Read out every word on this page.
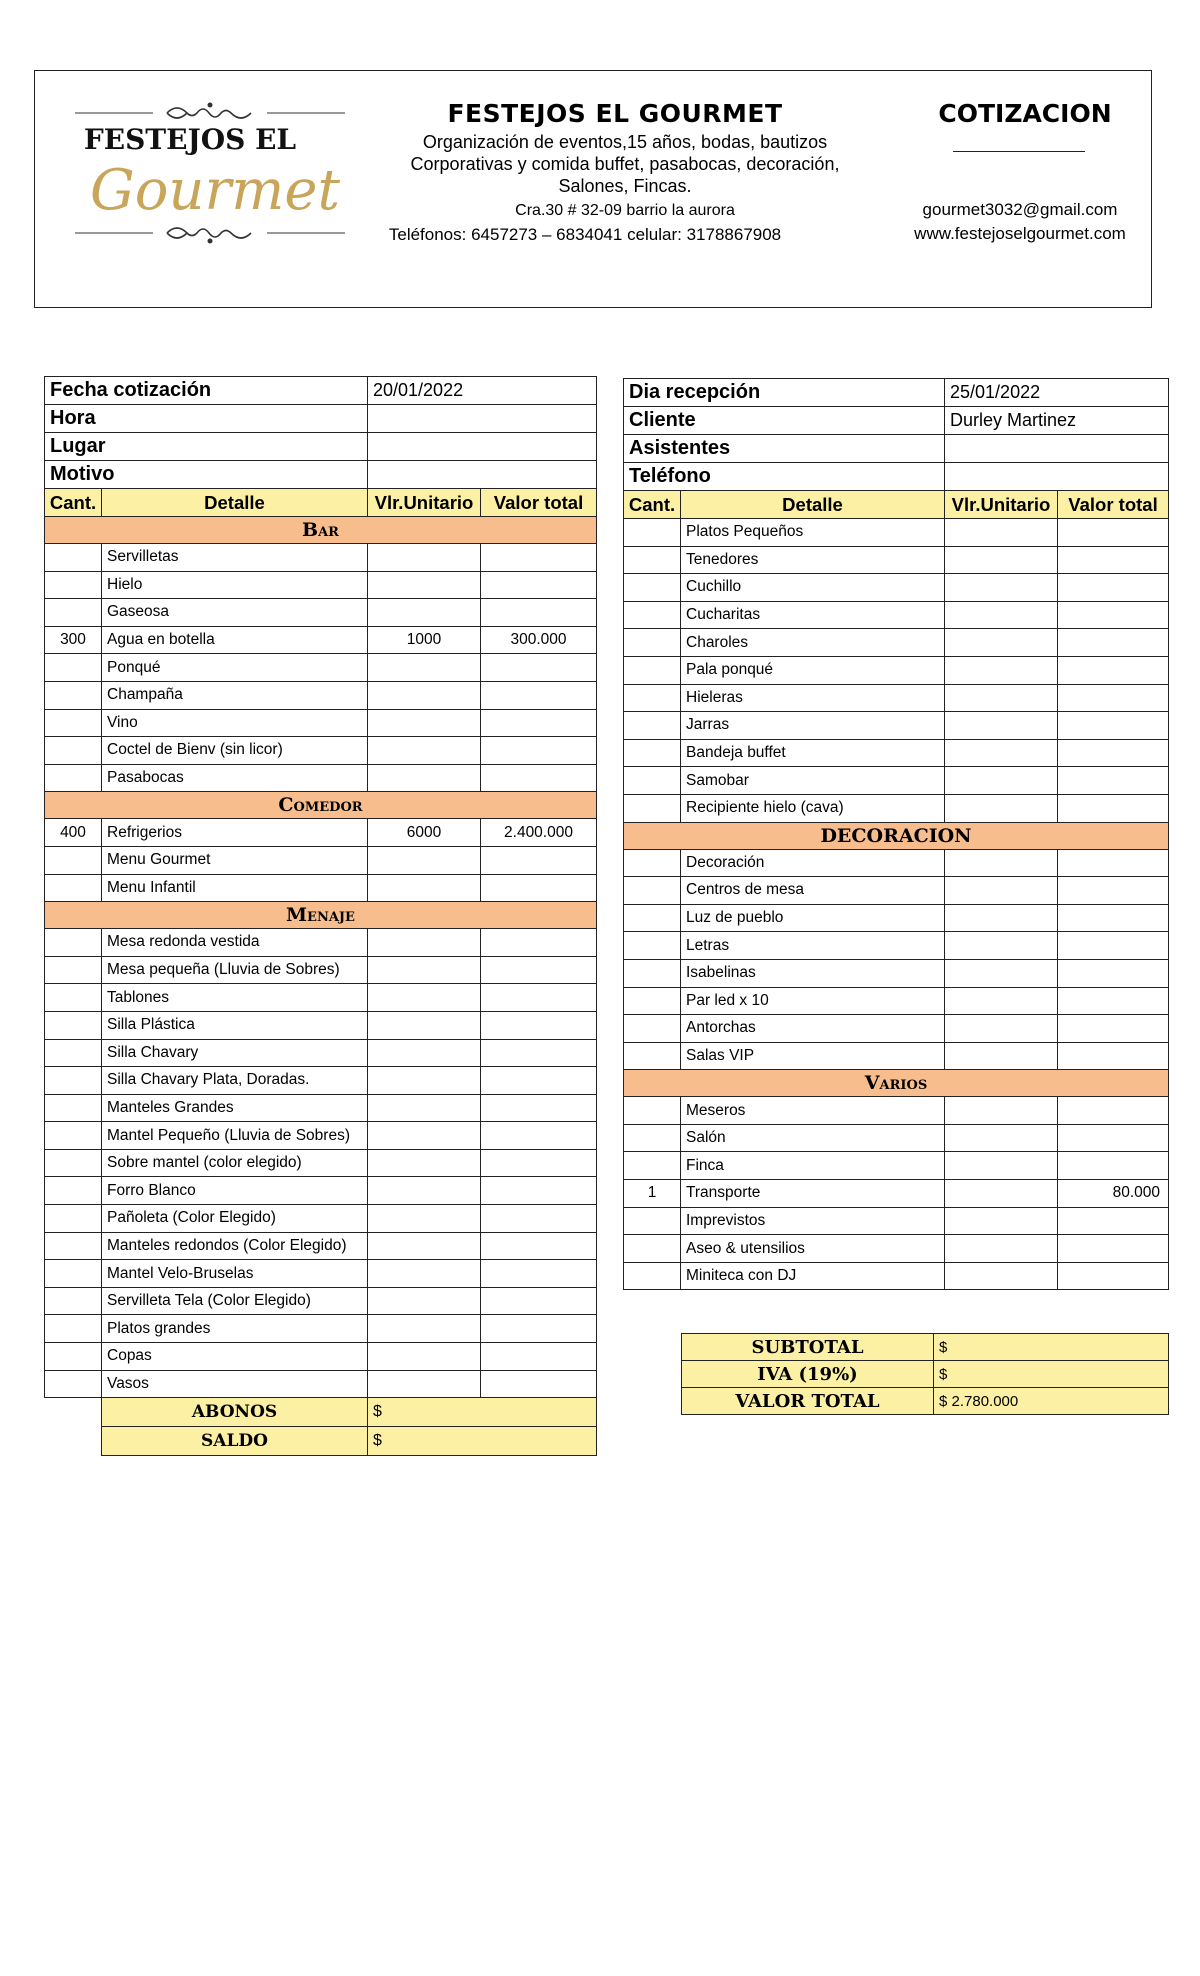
FESTEJOS EL
Gourmet
FESTEJOS EL GOURMET
Organización de eventos,15 años, bodas, bautizos
Corporativas y comida buffet, pasabocas, decoración,
Salones, Fincas.
Cra.30 # 32-09 barrio la aurora
Teléfonos: 6457273 – 6834041 celular: 3178867908
COTIZACION
gourmet3032@gmail.com
www.festejoselgourmet.com
Fecha cotización		20/01/2022	
Hora			
Lugar			
Motivo			
Cant.	Detalle	Vlr.Unitario	Valor total
Bar			
	Servilletas		
	Hielo		
	Gaseosa		
300	Agua en botella	1000	300.000
	Ponqué		
	Champaña		
	Vino		
	Coctel de Bienv (sin licor)		
	Pasabocas		
Comedor			
400	Refrigerios	6000	2.400.000
	Menu Gourmet		
	Menu Infantil		
Menaje			
	Mesa redonda vestida		
	Mesa pequeña (Lluvia de Sobres)		
	Tablones		
	Silla Plástica		
	Silla Chavary		
	Silla Chavary Plata, Doradas.		
	Manteles Grandes		
	Mantel Pequeño (Lluvia de Sobres)		
	Sobre mantel (color elegido)		
	Forro Blanco		
	Pañoleta (Color Elegido)		
	Manteles redondos (Color Elegido)		
	Mantel Velo-Bruselas		
	Servilleta Tela (Color Elegido)		
	Platos grandes		
	Copas		
	Vasos		
	ABONOS	$	
	SALDO	$	
Dia recepción		25/01/2022	
Cliente		Durley Martinez	
Asistentes			
Teléfono			
Cant.	Detalle	Vlr.Unitario	Valor total
	Platos Pequeños		
	Tenedores		
	Cuchillo		
	Cucharitas		
	Charoles		
	Pala ponqué		
	Hieleras		
	Jarras		
	Bandeja buffet		
	Samobar		
	Recipiente hielo (cava)		
DECORACION			
	Decoración		
	Centros de mesa		
	Luz de pueblo		
	Letras		
	Isabelinas		
	Par led x 10		
	Antorchas		
	Salas VIP		
Varios			
	Meseros		
	Salón		
	Finca		
1	Transporte		80.000
	Imprevistos		
	Aseo & utensilios		
	Miniteca con DJ		
SUBTOTAL	$
IVA (19%)	$
VALOR TOTAL	$ 2.780.000
